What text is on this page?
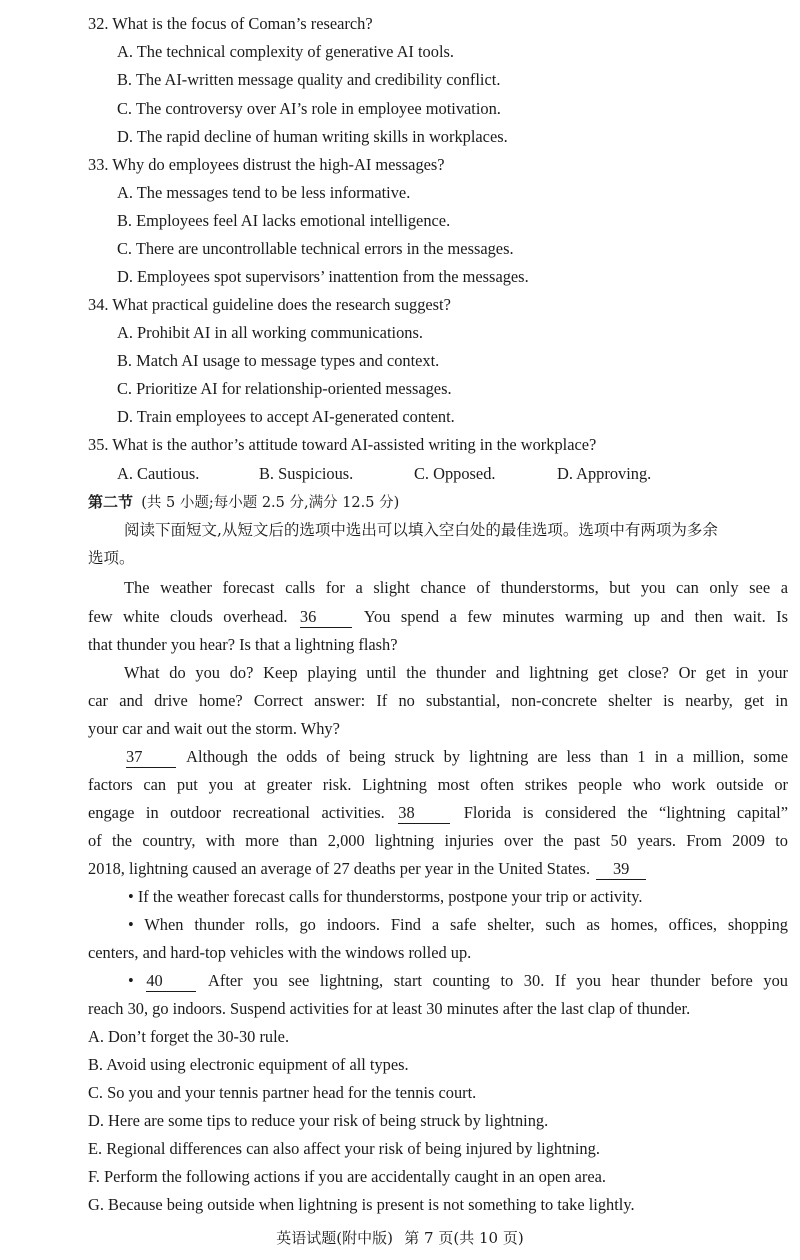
32. What is the focus of Coman’s research?
A. The technical complexity of generative AI tools.
B. The AI-written message quality and credibility conflict.
C. The controversy over AI’s role in employee motivation.
D. The rapid decline of human writing skills in workplaces.
33. Why do employees distrust the high-AI messages?
A. The messages tend to be less informative.
B. Employees feel AI lacks emotional intelligence.
C. There are uncontrollable technical errors in the messages.
D. Employees spot supervisors’ inattention from the messages.
34. What practical guideline does the research suggest?
A. Prohibit AI in all working communications.
B. Match AI usage to message types and context.
C. Prioritize AI for relationship-oriented messages.
D. Train employees to accept AI-generated content.
35. What is the author’s attitude toward AI-assisted writing in the workplace?
A. Cautious.	B. Suspicious.	C. Opposed.	D. Approving.
第二节 (共 5 小题;每小题 2.5 分,满分 12.5 分)
阅读下面短文,从短文后的选项中选出可以填入空白处的最佳选项。选项中有两项为多余
选项。
The weather forecast calls for a slight chance of thunderstorms, but you can only see a
few white clouds overhead. 36	You spend a few minutes warming up and then wait. Is
that thunder you hear? Is that a lightning flash?
What do you do? Keep playing until the thunder and lightning get close? Or get in your
car and drive home? Correct answer: If no substantial, non-concrete shelter is nearby, get in
your car and wait out the storm. Why?
37	Although the odds of being struck by lightning are less than 1 in a million, some
factors can put you at greater risk. Lightning most often strikes people who work outside or
engage in outdoor recreational activities. 38	Florida is considered the “lightning capital”
of the country, with more than 2,000 lightning injuries over the past 50 years. From 2009 to
2018, lightning caused an average of 27 deaths per year in the United States. 39
• If the weather forecast calls for thunderstorms, postpone your trip or activity.
• When thunder rolls, go indoors. Find a safe shelter, such as homes, offices, shopping
centers, and hard-top vehicles with the windows rolled up.
• 40	After you see lightning, start counting to 30. If you hear thunder before you
reach 30, go indoors. Suspend activities for at least 30 minutes after the last clap of thunder.
A. Don’t forget the 30-30 rule.
B. Avoid using electronic equipment of all types.
C. So you and your tennis partner head for the tennis court.
D. Here are some tips to reduce your risk of being struck by lightning.
E. Regional differences can also affect your risk of being injured by lightning.
F. Perform the following actions if you are accidentally caught in an open area.
G. Because being outside when lightning is present is not something to take lightly.
英语试题(附中版) 第 7 页(共 10 页)
